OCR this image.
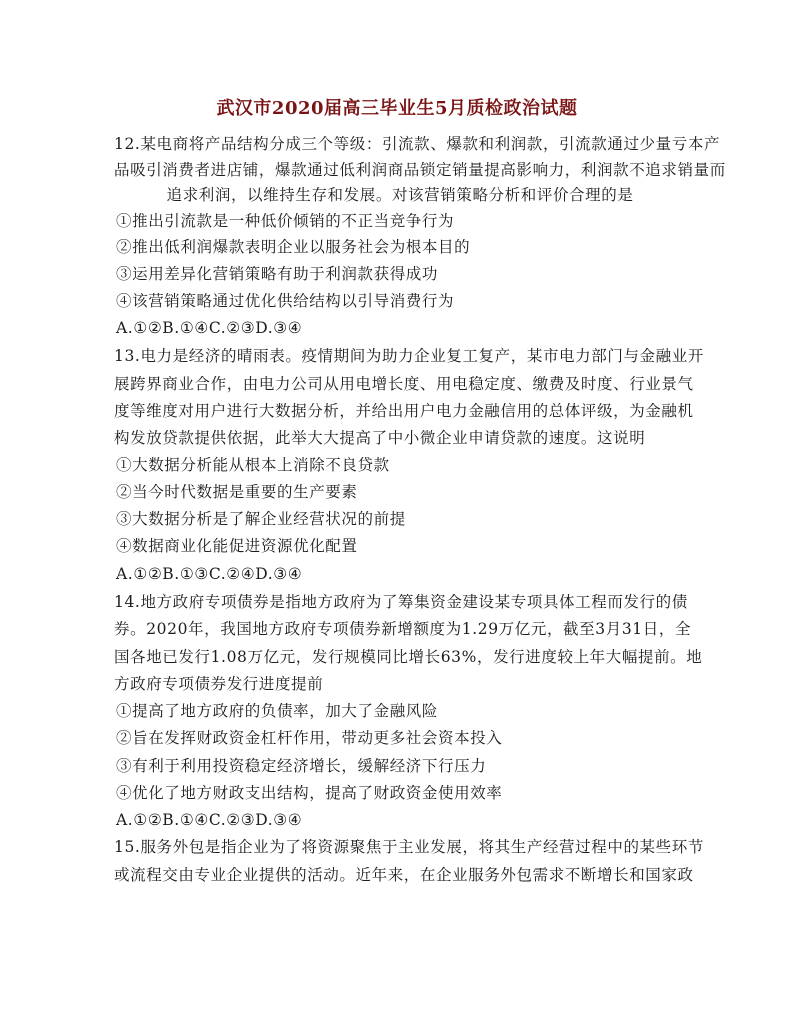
武汉市2020届高三毕业生5月质检政治试题
12.某电商将产品结构分成三个等级：引流款、爆款和利润款，引流款通过少量亏本产
品吸引消费者进店铺，爆款通过低利润商品锁定销量提高影响力，利润款不追求销量而
追求利润，以维持生存和发展。对该营销策略分析和评价合理的是
①推出引流款是一种低价倾销的不正当竞争行为
②推出低利润爆款表明企业以服务社会为根本目的
③运用差异化营销策略有助于利润款获得成功
④该营销策略通过优化供给结构以引导消费行为
A.①②B.①④C.②③D.③④
13.电力是经济的晴雨表。疫情期间为助力企业复工复产，某市电力部门与金融业开
展跨界商业合作，由电力公司从用电增长度、用电稳定度、缴费及时度、行业景气
度等维度对用户进行大数据分析，并给出用户电力金融信用的总体评级，为金融机
构发放贷款提供依据，此举大大提高了中小微企业申请贷款的速度。这说明
①大数据分析能从根本上消除不良贷款
②当今时代数据是重要的生产要素
③大数据分析是了解企业经营状况的前提
④数据商业化能促进资源优化配置
A.①②B.①③C.②④D.③④
14.地方政府专项债券是指地方政府为了筹集资金建设某专项具体工程而发行的债
券。2020年，我国地方政府专项债券新增额度为1.29万亿元，截至3月31日，全
国各地已发行1.08万亿元，发行规模同比增长63%，发行进度较上年大幅提前。地
方政府专项债券发行进度提前
①提高了地方政府的负债率，加大了金融风险
②旨在发挥财政资金杠杆作用，带动更多社会资本投入
③有利于利用投资稳定经济增长，缓解经济下行压力
④优化了地方财政支出结构，提高了财政资金使用效率
A.①②B.①④C.②③D.③④
15.服务外包是指企业为了将资源聚焦于主业发展，将其生产经营过程中的某些环节
或流程交由专业企业提供的活动。近年来，在企业服务外包需求不断增长和国家政
